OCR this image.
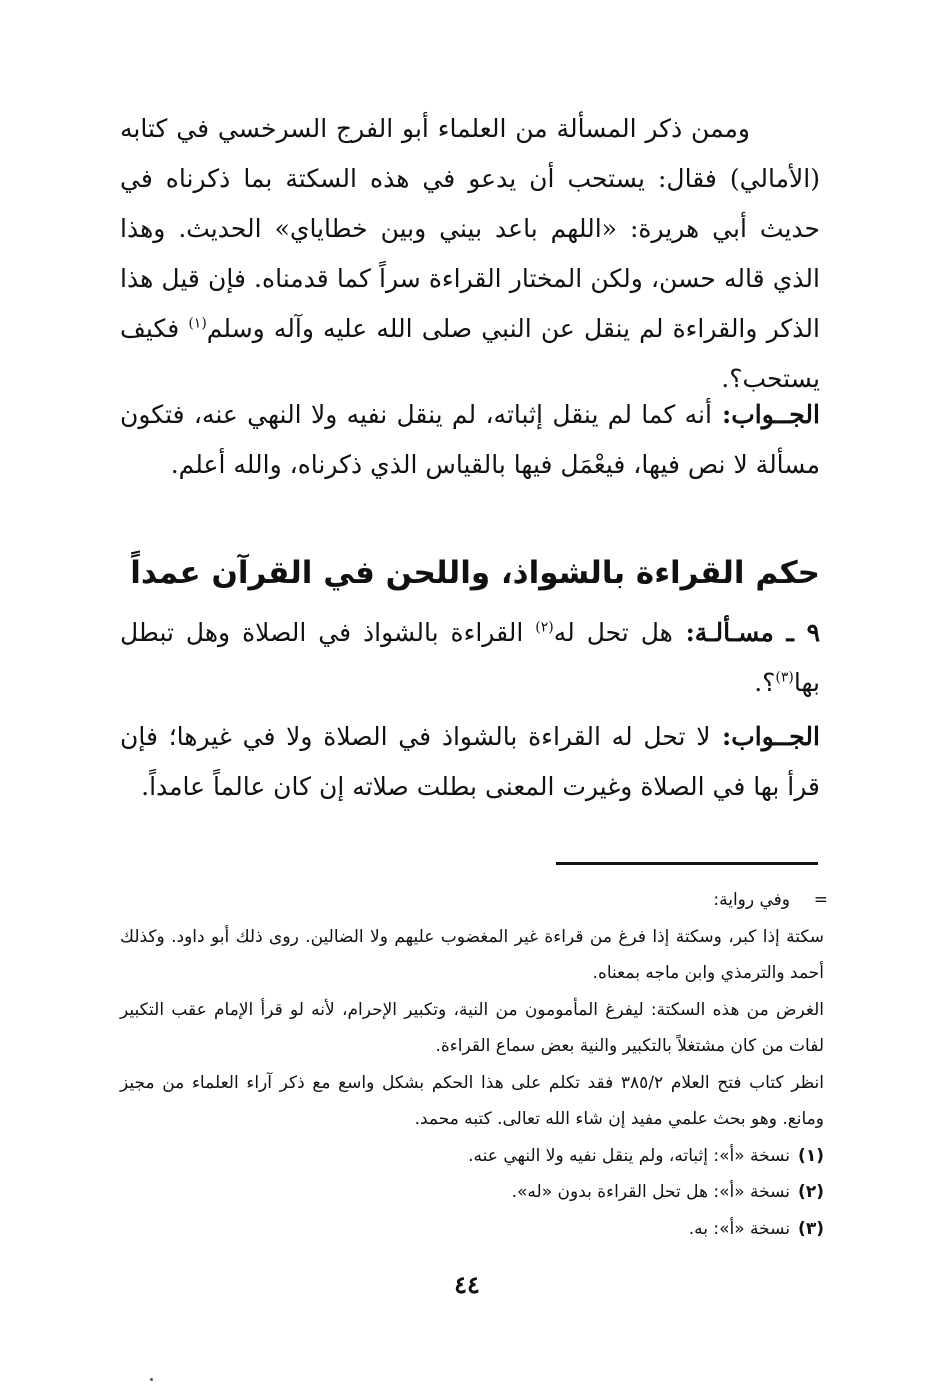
وممن ذكر المسألة من العلماء أبو الفرج السرخسي في كتابه (الأمالي) فقال: يستحب أن يدعو في هذه السكتة بما ذكرناه في حديث أبي هريرة: «اللهم باعد بيني وبين خطاياي» الحديث. وهذا الذي قاله حسن، ولكن المختار القراءة سراً كما قدمناه. فإن قيل هذا الذكر والقراءة لم ينقل عن النبي صلى الله عليه وآله وسلم$^{(١)}$ فكيف يستحب؟.
الجــواب: أنه كما لم ينقل إثباته، لم ينقل نفيه ولا النهي عنه، فتكون مسألة لا نص فيها، فيعْمَل فيها بالقياس الذي ذكرناه، والله أعلم.
حكم القراءة بالشواذ، واللحن في القرآن عمداً
٩ ـ مسـألـة: هل تحل له$^{(٢)}$ القراءة بالشواذ في الصلاة وهل تبطل بها$^{(٣)}$؟.
الجــواب: لا تحل له القراءة بالشواذ في الصلاة ولا في غيرها؛ فإن قرأ بها في الصلاة وغيرت المعنى بطلت صلاته إن كان عالماً عامداً.
=
وفي رواية:
سكتة إذا كبر، وسكتة إذا فرغ من قراءة غير المغضوب عليهم ولا الضالين. روى ذلك أبو داود. وكذلك أحمد والترمذي وابن ماجه بمعناه.
الغرض من هذه السكتة: ليفرغ المأمومون من النية، وتكبير الإحرام، لأنه لو قرأ الإمام عقب التكبير لفات من كان مشتغلاً بالتكبير والنية بعض سماع القراءة.
انظر كتاب فتح العلام ٣٨٥/٢ فقد تكلم على هذا الحكم بشكل واسع مع ذكر آراء العلماء من مجيز ومانع. وهو بحث علمي مفيد إن شاء الله تعالى. كتبه محمد.
(١)
نسخة «أ»: إثباته، ولم ينقل نفيه ولا النهي عنه.
(٢)
نسخة «أ»: هل تحل القراءة بدون «له».
(٣)
نسخة «أ»: به.
٤٤
